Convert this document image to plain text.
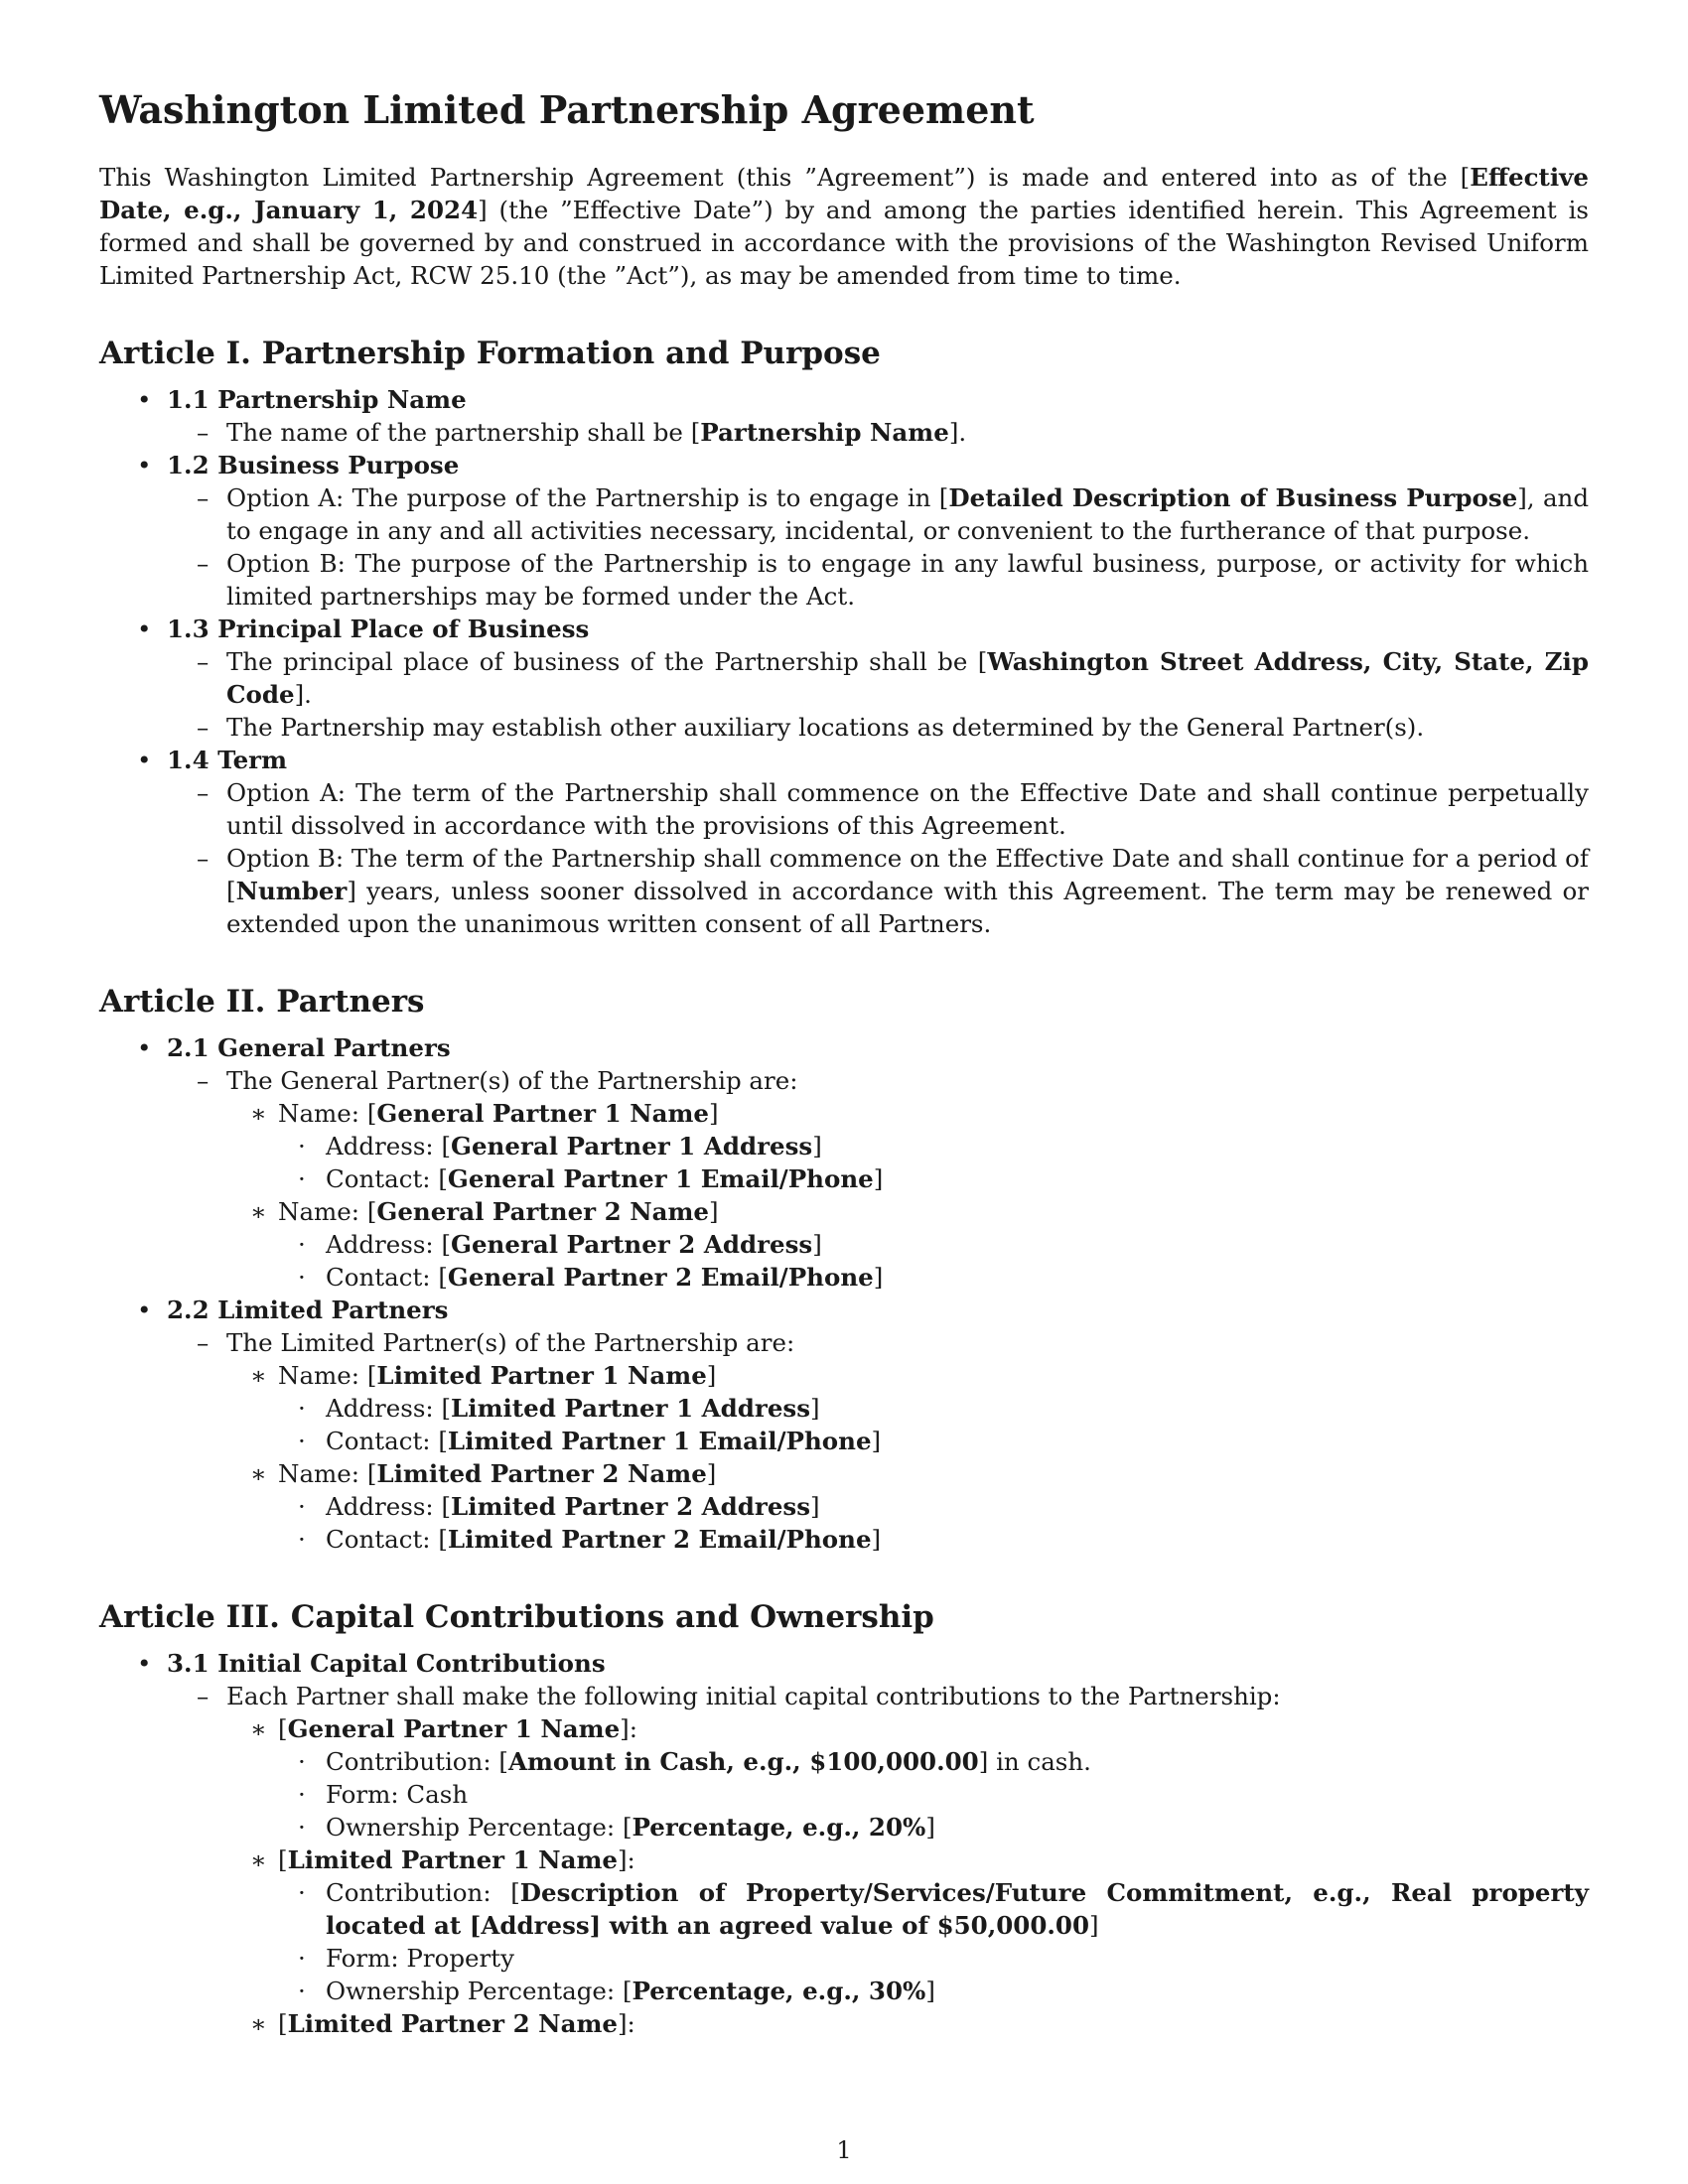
Washington Limited Partnership Agreement

This Washington Limited Partnership Agreement (this ”Agreement”) is made and entered into as of the [Effective Date, e.g., January 1, 2024] (the ”Effective Date”) by and among the parties identified herein. This Agreement is formed and shall be governed by and construed in accordance with the provisions of the Washington Revised Uniform Limited Partnership Act, RCW 25.10 (the ”Act”), as may be amended from time to time.

Article I. Partnership Formation and Purpose
• 1.1 Partnership Name
– The name of the partnership shall be [Partnership Name].
• 1.2 Business Purpose
– Option A: The purpose of the Partnership is to engage in [Detailed Description of Business Purpose], and to engage in any and all activities necessary, incidental, or convenient to the furtherance of that purpose.
– Option B: The purpose of the Partnership is to engage in any lawful business, purpose, or activity for which limited partnerships may be formed under the Act.
• 1.3 Principal Place of Business
– The principal place of business of the Partnership shall be [Washington Street Address, City, State, Zip Code].
– The Partnership may establish other auxiliary locations as determined by the General Partner(s).
• 1.4 Term
– Option A: The term of the Partnership shall commence on the Effective Date and shall continue perpetually until dissolved in accordance with the provisions of this Agreement.
– Option B: The term of the Partnership shall commence on the Effective Date and shall continue for a period of [Number] years, unless sooner dissolved in accordance with this Agreement. The term may be renewed or extended upon the unanimous written consent of all Partners.
Article II. Partners
• 2.1 General Partners
– The General Partner(s) of the Partnership are:
∗ Name: [General Partner 1 Name]
· Address: [General Partner 1 Address]
· Contact: [General Partner 1 Email/Phone]
∗ Name: [General Partner 2 Name]
· Address: [General Partner 2 Address]
· Contact: [General Partner 2 Email/Phone]
• 2.2 Limited Partners
– The Limited Partner(s) of the Partnership are:
∗ Name: [Limited Partner 1 Name]
· Address: [Limited Partner 1 Address]
· Contact: [Limited Partner 1 Email/Phone]
∗ Name: [Limited Partner 2 Name]
· Address: [Limited Partner 2 Address]
· Contact: [Limited Partner 2 Email/Phone]
Article III. Capital Contributions and Ownership
• 3.1 Initial Capital Contributions
– Each Partner shall make the following initial capital contributions to the Partnership:
∗ [General Partner 1 Name]:
· Contribution: [Amount in Cash, e.g., $100,000.00] in cash.
· Form: Cash
· Ownership Percentage: [Percentage, e.g., 20%]
∗ [Limited Partner 1 Name]:
· Contribution: [Description of Property/Services/Future Commitment, e.g., Real property located at [Address] with an agreed value of $50,000.00]
· Form: Property
· Ownership Percentage: [Percentage, e.g., 30%]
∗ [Limited Partner 2 Name]:
1
